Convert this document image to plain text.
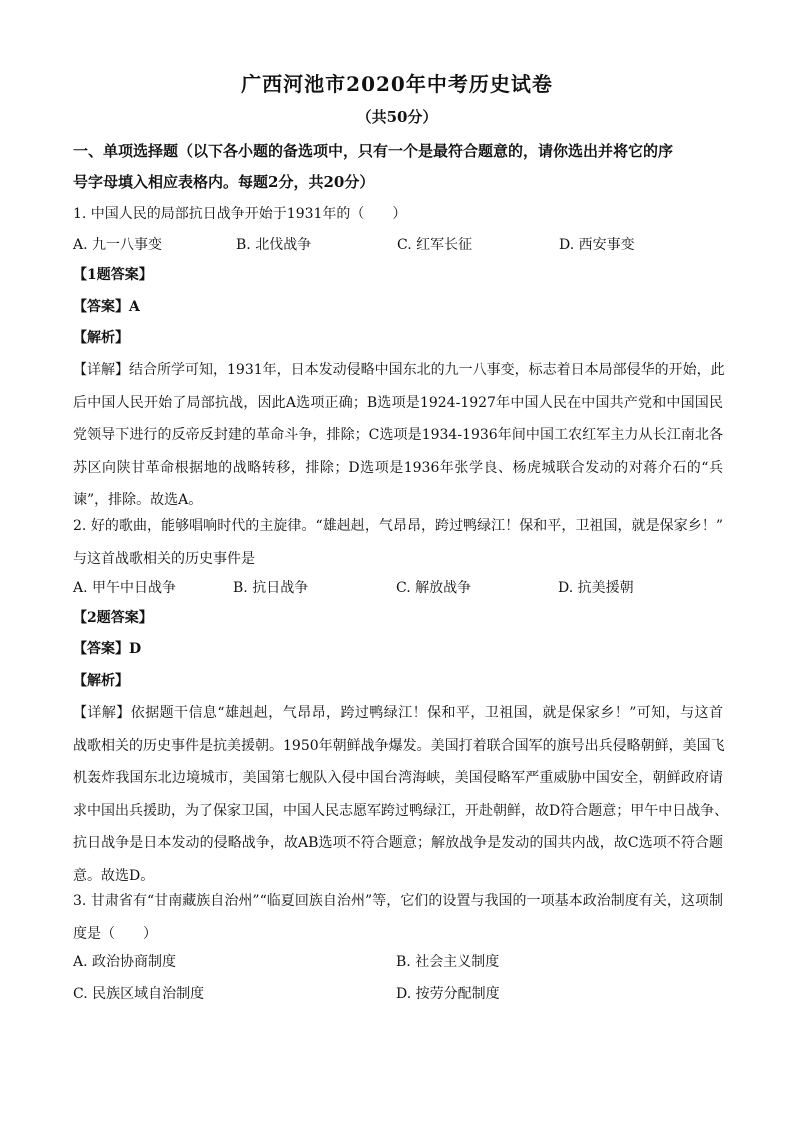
广西河池市2020年中考历史试卷
（共50分）
一、单项选择题（以下各小题的备选项中，只有一个是最符合题意的，请你选出并将它的序
号字母填入相应表格内。每题2分，共20分）
1. 中国人民的局部抗日战争开始于1931年的（　　）
A. 九一八事变	B. 北伐战争	C. 红军长征	D. 西安事变
【1题答案】
【答案】A
【解析】
【详解】结合所学可知，1931年，日本发动侵略中国东北的九一八事变，标志着日本局部侵华的开始，此
后中国人民开始了局部抗战，因此A选项正确；B选项是1924-1927年中国人民在中国共产党和中国国民
党领导下进行的反帝反封建的革命斗争，排除；C选项是1934-1936年间中国工农红军主力从长江南北各
苏区向陕甘革命根据地的战略转移，排除；D选项是1936年张学良、杨虎城联合发动的对蒋介石的“兵
谏”，排除。故选A。
2. 好的歌曲，能够唱响时代的主旋律。“雄赳赳，气昂昂，跨过鸭绿江！保和平，卫祖国，就是保家乡！”
与这首战歌相关的历史事件是
A. 甲午中日战争	B. 抗日战争	C. 解放战争	D. 抗美援朝
【2题答案】
【答案】D
【解析】
【详解】依据题干信息“雄赳赳，气昂昂，跨过鸭绿江！保和平，卫祖国，就是保家乡！”可知，与这首
战歌相关的历史事件是抗美援朝。1950年朝鲜战争爆发。美国打着联合国军的旗号出兵侵略朝鲜，美国飞
机轰炸我国东北边境城市，美国第七舰队入侵中国台湾海峡，美国侵略军严重威胁中国安全，朝鲜政府请
求中国出兵援助，为了保家卫国，中国人民志愿军跨过鸭绿江，开赴朝鲜，故D符合题意；甲午中日战争、
抗日战争是日本发动的侵略战争，故AB选项不符合题意；解放战争是发动的国共内战，故C选项不符合题
意。故选D。
3. 甘肃省有“甘南藏族自治州”“临夏回族自治州”等，它们的设置与我国的一项基本政治制度有关，这项制
度是（　　）
A. 政治协商制度	B. 社会主义制度
C. 民族区域自治制度	D. 按劳分配制度
